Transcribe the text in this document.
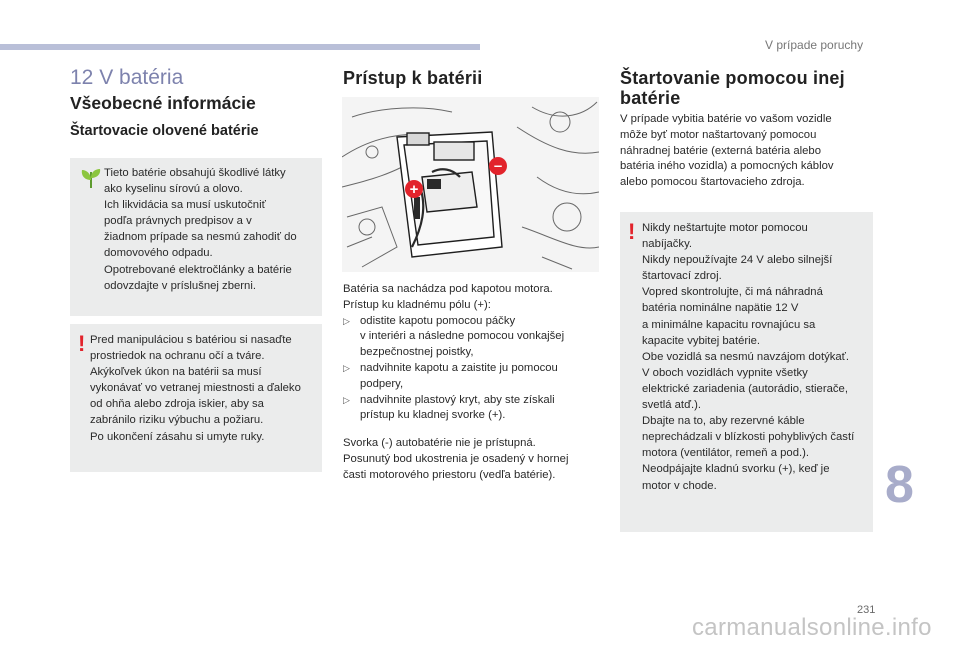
V prípade poruchy
12 V batéria
Všeobecné informácie
Štartovacie olovené batérie

Tieto batérie obsahujú škodlivé látky

ako kyselinu sírovú a olovo.

Ich likvidácia sa musí uskutočniť

podľa právnych predpisov a v

žiadnom prípade sa nesmú zahodiť do

domovového odpadu.

Opotrebované elektročlánky a batérie

odovzdajte v príslušnej zberni.

! Pred manipuláciou s batériou si nasaďte

prostriedok na ochranu očí a tváre.

Akýkoľvek úkon na batérii sa musí

vykonávať vo vetranej miestnosti a ďaleko

od ohňa alebo zdroja iskier, aby sa

zabránilo riziku výbuchu a požiaru.

Po ukončení zásahu si umyte ruky.

Prístup k batérii
+
–

Batéria sa nachádza pod kapotou motora.

Prístup ku kladnému pólu (+):

▷ odistite kapotu pomocou páčky

v interiéri a následne pomocou vonkajšej

bezpečnostnej poistky,

▷ nadvihnite kapotu a zaistite ju pomocou

podpery,

▷ nadvihnite plastový kryt, aby ste získali

prístup ku kladnej svorke (+).

Svorka (-) autobatérie nie je prístupná.

Posunutý bod ukostrenia je osadený v hornej

časti motorového priestoru (vedľa batérie).

Štartovanie pomocou inej
batérie

V prípade vybitia batérie vo vašom vozidle

môže byť motor naštartovaný pomocou

náhradnej batérie (externá batéria alebo

batéria iného vozidla) a pomocných káblov

alebo pomocou štartovacieho zdroja.

! Nikdy neštartujte motor pomocou

nabíjačky.

Nikdy nepoužívajte 24 V alebo silnejší

štartovací zdroj.

Vopred skontrolujte, či má náhradná

batéria nominálne napätie 12 V

a minimálne kapacitu rovnajúcu sa

kapacite vybitej batérie.

Obe vozidlá sa nesmú navzájom dotýkať.

V oboch vozidlách vypnite všetky

elektrické zariadenia (autorádio, stierače,

svetlá atď.).

Dbajte na to, aby rezervné káble

neprechádzali v blízkosti pohyblivých častí

motora (ventilátor, remeň a pod.).

Neodpájajte kladnú svorku (+), keď je

motor v chode.	8
231
carmanualsonline.info
